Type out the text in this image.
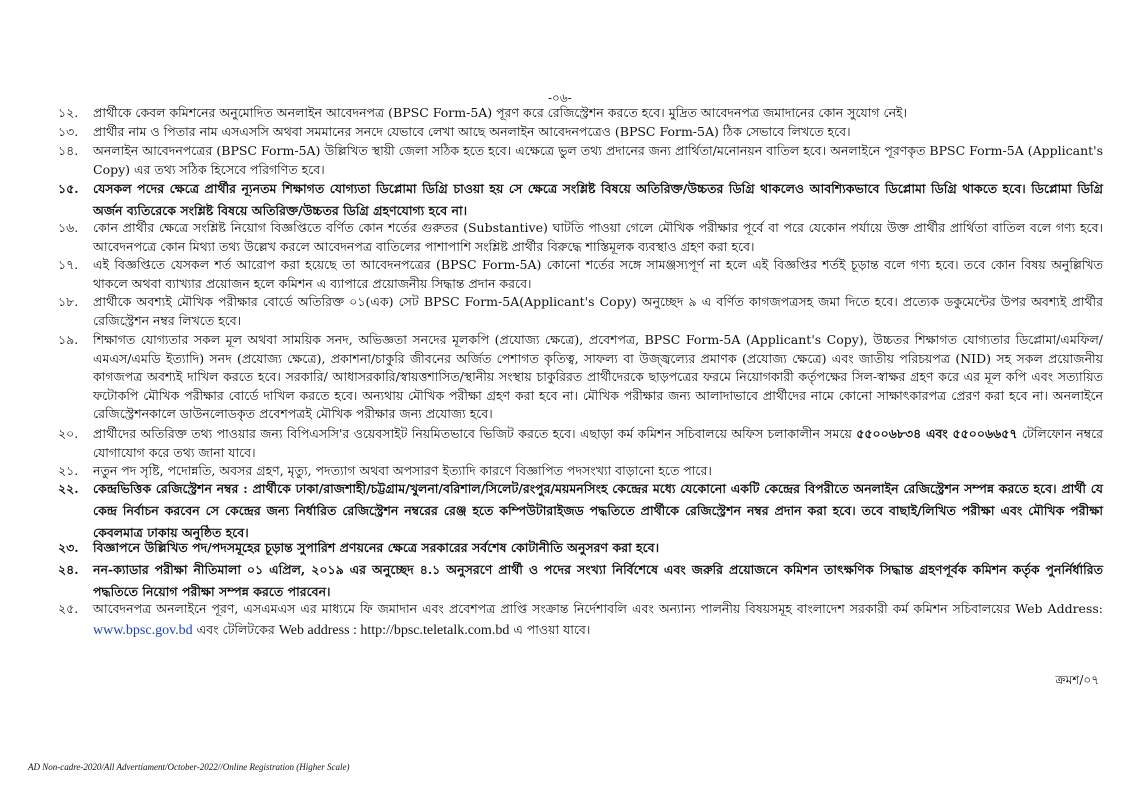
-০৬-
১২.	প্রার্থীকে কেবল কমিশনের অনুমোদিত অনলাইন আবেদনপত্র (BPSC Form-5A) পূরণ করে রেজিস্ট্রেশন করতে হবে। মুদ্রিত আবেদনপত্র জমাদানের কোন সুযোগ নেই।
১৩.	প্রার্থীর নাম ও পিতার নাম এসএসসি অথবা সমমানের সনদে যেভাবে লেখা আছে অনলাইন আবেদনপত্রেও (BPSC Form-5A) ঠিক সেভাবে লিখতে হবে।
১৪.	অনলাইন আবেদনপত্রের (BPSC Form-5A) উল্লিখিত স্থায়ী জেলা সঠিক হতে হবে। এক্ষেত্রে ভুল তথ্য প্রদানের জন্য প্রার্থিতা/মনোনয়ন বাতিল হবে। অনলাইনে পূরণকৃত BPSC Form-5A (Applicant's Copy) এর তথ্য সঠিক হিসেবে পরিগণিত হবে।
১৫.	যেসকল পদের ক্ষেত্রে প্রার্থীর ন্যূনতম শিক্ষাগত যোগ্যতা ডিপ্লোমা ডিগ্রি চাওয়া হয় সে ক্ষেত্রে সংশ্লিষ্ট বিষয়ে অতিরিক্ত/উচ্চতর ডিগ্রি থাকলেও আবশ্যিকভাবে ডিপ্লোমা ডিগ্রি থাকতে হবে। ডিপ্লোমা ডিগ্রি অর্জন ব্যতিরেকে সংশ্লিষ্ট বিষয়ে অতিরিক্ত/উচ্চতর ডিগ্রি গ্রহণযোগ্য হবে না।
১৬.	কোন প্রার্থীর ক্ষেত্রে সংশ্লিষ্ট নিয়োগ বিজ্ঞপ্তিতে বর্ণিত কোন শর্তের গুরুতর (Substantive) ঘাটতি পাওয়া গেলে মৌখিক পরীক্ষার পূর্বে বা পরে যেকোন পর্যায়ে উক্ত প্রার্থীর প্রার্থিতা বাতিল বলে গণ্য হবে। আবেদনপত্রে কোন মিথ্যা তথ্য উল্লেখ করলে আবেদনপত্র বাতিলের পাশাপাশি সংশ্লিষ্ট প্রার্থীর বিরুদ্ধে শাস্তিমূলক ব্যবস্থাও গ্রহণ করা হবে।
১৭.	এই বিজ্ঞপ্তিতে যেসকল শর্ত আরোপ করা হয়েছে তা আবেদনপত্রের (BPSC Form-5A) কোনো শর্তের সঙ্গে সামঞ্জস্যপূর্ণ না হলে এই বিজ্ঞপ্তির শর্তই চূড়ান্ত বলে গণ্য হবে। তবে কোন বিষয় অনুল্লিখিত থাকলে অথবা ব্যাখ্যার প্রয়োজন হলে কমিশন এ ব্যাপারে প্রয়োজনীয় সিদ্ধান্ত প্রদান করবে।
১৮.	প্রার্থীকে অবশ্যই মৌখিক পরীক্ষার বোর্ডে অতিরিক্ত ০১(এক) সেট BPSC Form-5A(Applicant's Copy) অনুচ্ছেদ ৯ এ বর্ণিত কাগজপত্রসহ জমা দিতে হবে। প্রত্যেক ডকুমেন্টের উপর অবশ্যই প্রার্থীর রেজিস্ট্রেশন নম্বর লিখতে হবে।
১৯.	শিক্ষাগত যোগ্যতার সকল মূল অথবা সাময়িক সনদ, অভিজ্ঞতা সনদের মূলকপি (প্রযোজ্য ক্ষেত্রে), প্রবেশপত্র, BPSC Form-5A (Applicant's Copy), উচ্চতর শিক্ষাগত যোগ্যতার ডিপ্লোমা/এমফিল/এমএস/এমডি ইত্যাদি) সনদ (প্রযোজ্য ক্ষেত্রে), প্রকাশনা/চাকুরি জীবনের অর্জিত পেশাগত কৃতিত্ব, সাফল্য বা উজ্জ্বল্যের প্রমাণক (প্রযোজ্য ক্ষেত্রে) এবং জাতীয় পরিচয়পত্র (NID) সহ সকল প্রয়োজনীয় কাগজপত্র অবশ্যই দাখিল করতে হবে। সরকারি/ আধাসরকারি/স্বায়ত্তশাসিত/স্থানীয় সংস্থায় চাকুরিরত প্রার্থীদেরকে ছাড়পত্রের ফরমে নিয়োগকারী কর্তৃপক্ষের সিল-স্বাক্ষর গ্রহণ করে এর মূল কপি এবং সত্যায়িত ফটোকপি মৌখিক পরীক্ষার বোর্ডে দাখিল করতে হবে। অন্যথায় মৌখিক পরীক্ষা গ্রহণ করা হবে না। মৌখিক পরীক্ষার জন্য আলাদাভাবে প্রার্থীদের নামে কোনো সাক্ষাৎকারপত্র প্রেরণ করা হবে না। অনলাইনে রেজিস্ট্রেশনকালে ডাউনলোডকৃত প্রবেশপত্রই মৌখিক পরীক্ষার জন্য প্রযোজ্য হবে।
২০.	প্রার্থীদের অতিরিক্ত তথ্য পাওয়ার জন্য বিপিএসসি'র ওয়েবসাইট নিয়মিতভাবে ভিজিট করতে হবে। এছাড়া কর্ম কমিশন সচিবালয়ে অফিস চলাকালীন সময়ে ৫৫০০৬৮৩৪ এবং ৫৫০০৬৬৫৭ টেলিফোন নম্বরে যোগাযোগ করে তথ্য জানা যাবে।
২১.	নতুন পদ সৃষ্টি, পদোন্নতি, অবসর গ্রহণ, মৃত্যু, পদত্যাগ অথবা অপসারণ ইত্যাদি কারণে বিজ্ঞাপিত পদসংখ্যা বাড়ানো হতে পারে।
২২.	কেন্দ্রভিত্তিক রেজিস্ট্রেশন নম্বর : প্রার্থীকে ঢাকা/রাজশাহী/চট্টগ্রাম/খুলনা/বরিশাল/সিলেট/রংপুর/ময়মনসিংহ কেন্দ্রের মধ্যে যেকোনো একটি কেন্দ্রের বিপরীতে অনলাইন রেজিস্ট্রেশন সম্পন্ন করতে হবে। প্রার্থী যে কেন্দ্র নির্বাচন করবেন সে কেন্দ্রের জন্য নির্ধারিত রেজিস্ট্রেশন নম্বরের রেঞ্জ হতে কম্পিউটারাইজড পদ্ধতিতে প্রার্থীকে রেজিস্ট্রেশন নম্বর প্রদান করা হবে। তবে বাছাই/লিখিত পরীক্ষা এবং মৌখিক পরীক্ষা কেবলমাত্র ঢাকায় অনুষ্ঠিত হবে।
২৩.	বিজ্ঞাপনে উল্লিখিত পদ/পদসমূহের চূড়ান্ত সুপারিশ প্রণয়নের ক্ষেত্রে সরকারের সর্বশেষ কোটানীতি অনুসরণ করা হবে।
২৪.	নন-ক্যাডার পরীক্ষা নীতিমালা ০১ এপ্রিল, ২০১৯ এর অনুচ্ছেদ ৪.১ অনুসরণে প্রার্থী ও পদের সংখ্যা নির্বিশেষে এবং জরুরি প্রয়োজনে কমিশন তাৎক্ষণিক সিদ্ধান্ত গ্রহণপূর্বক কমিশন কর্তৃক পুনর্নির্ধারিত পদ্ধতিতে নিয়োগ পরীক্ষা সম্পন্ন করতে পারবেন।
২৫.	আবেদনপত্র অনলাইনে পূরণ, এসএমএস এর মাধ্যমে ফি জমাদান এবং প্রবেশপত্র প্রাপ্তি সংক্রান্ত নির্দেশাবলি এবং অন্যান্য পালনীয় বিষয়সমূহ বাংলাদেশ সরকারী কর্ম কমিশন সচিবালয়ের Web Address: www.bpsc.gov.bd এবং টেলিটকের Web address : http://bpsc.teletalk.com.bd এ পাওয়া যাবে।
ক্রমশ/০৭
AD Non-cadre-2020/All Advertiament/October-2022//Online Registration (Higher Scale)
